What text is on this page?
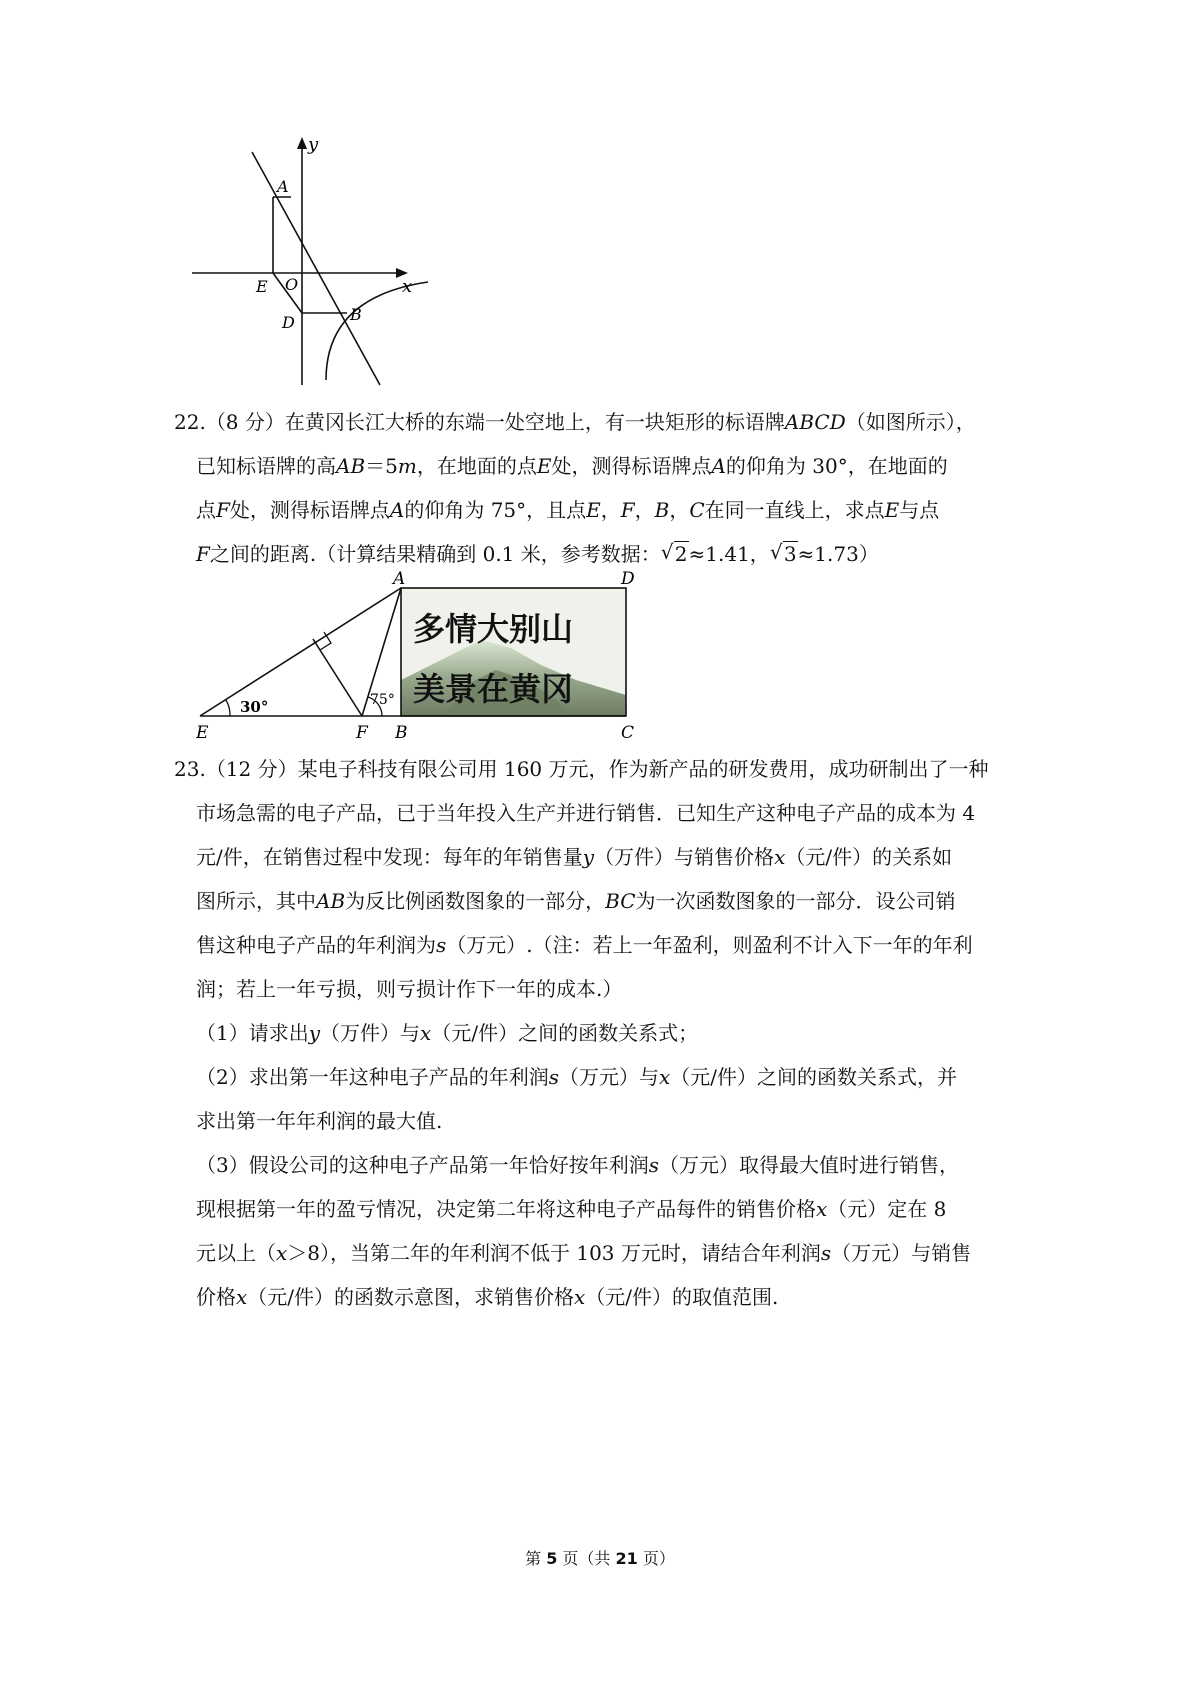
y
x
A
E O
D	B
22.（8 分）在黄冈长江大桥的东端一处空地上，有一块矩形的标语牌ABCD（如图所示），
已知标语牌的高AB＝5m，在地面的点E处，测得标语牌点A的仰角为 30°，在地面的
点F处，测得标语牌点A的仰角为 75°，且点E，F，B，C在同一直线上，求点E与点
F之间的距离.（计算结果精确到 0.1 米，参考数据： √ 2≈1.41， √ 3≈1.73）
多情大别山
美景在黄冈
30°	75°
A	D
E	F B	C
23.（12 分）某电子科技有限公司用 160 万元，作为新产品的研发费用，成功研制出了一种
市场急需的电子产品，已于当年投入生产并进行销售．已知生产这种电子产品的成本为 4
元/件，在销售过程中发现：每年的年销售量y（万件）与销售价格x（元/件）的关系如
图所示，其中AB为反比例函数图象的一部分，BC为一次函数图象的一部分．设公司销
售这种电子产品的年利润为s（万元）.（注：若上一年盈利，则盈利不计入下一年的年利
润；若上一年亏损，则亏损计作下一年的成本.）
（1）请求出y（万件）与x（元/件）之间的函数关系式；
（2）求出第一年这种电子产品的年利润s（万元）与x（元/件）之间的函数关系式，并
求出第一年年利润的最大值.
（3）假设公司的这种电子产品第一年恰好按年利润s（万元）取得最大值时进行销售，
现根据第一年的盈亏情况，决定第二年将这种电子产品每件的销售价格x（元）定在 8
元以上（x＞8），当第二年的年利润不低于 103 万元时，请结合年利润s（万元）与销售
价格x（元/件）的函数示意图，求销售价格x（元/件）的取值范围.
第 5 页（共 21 页）
